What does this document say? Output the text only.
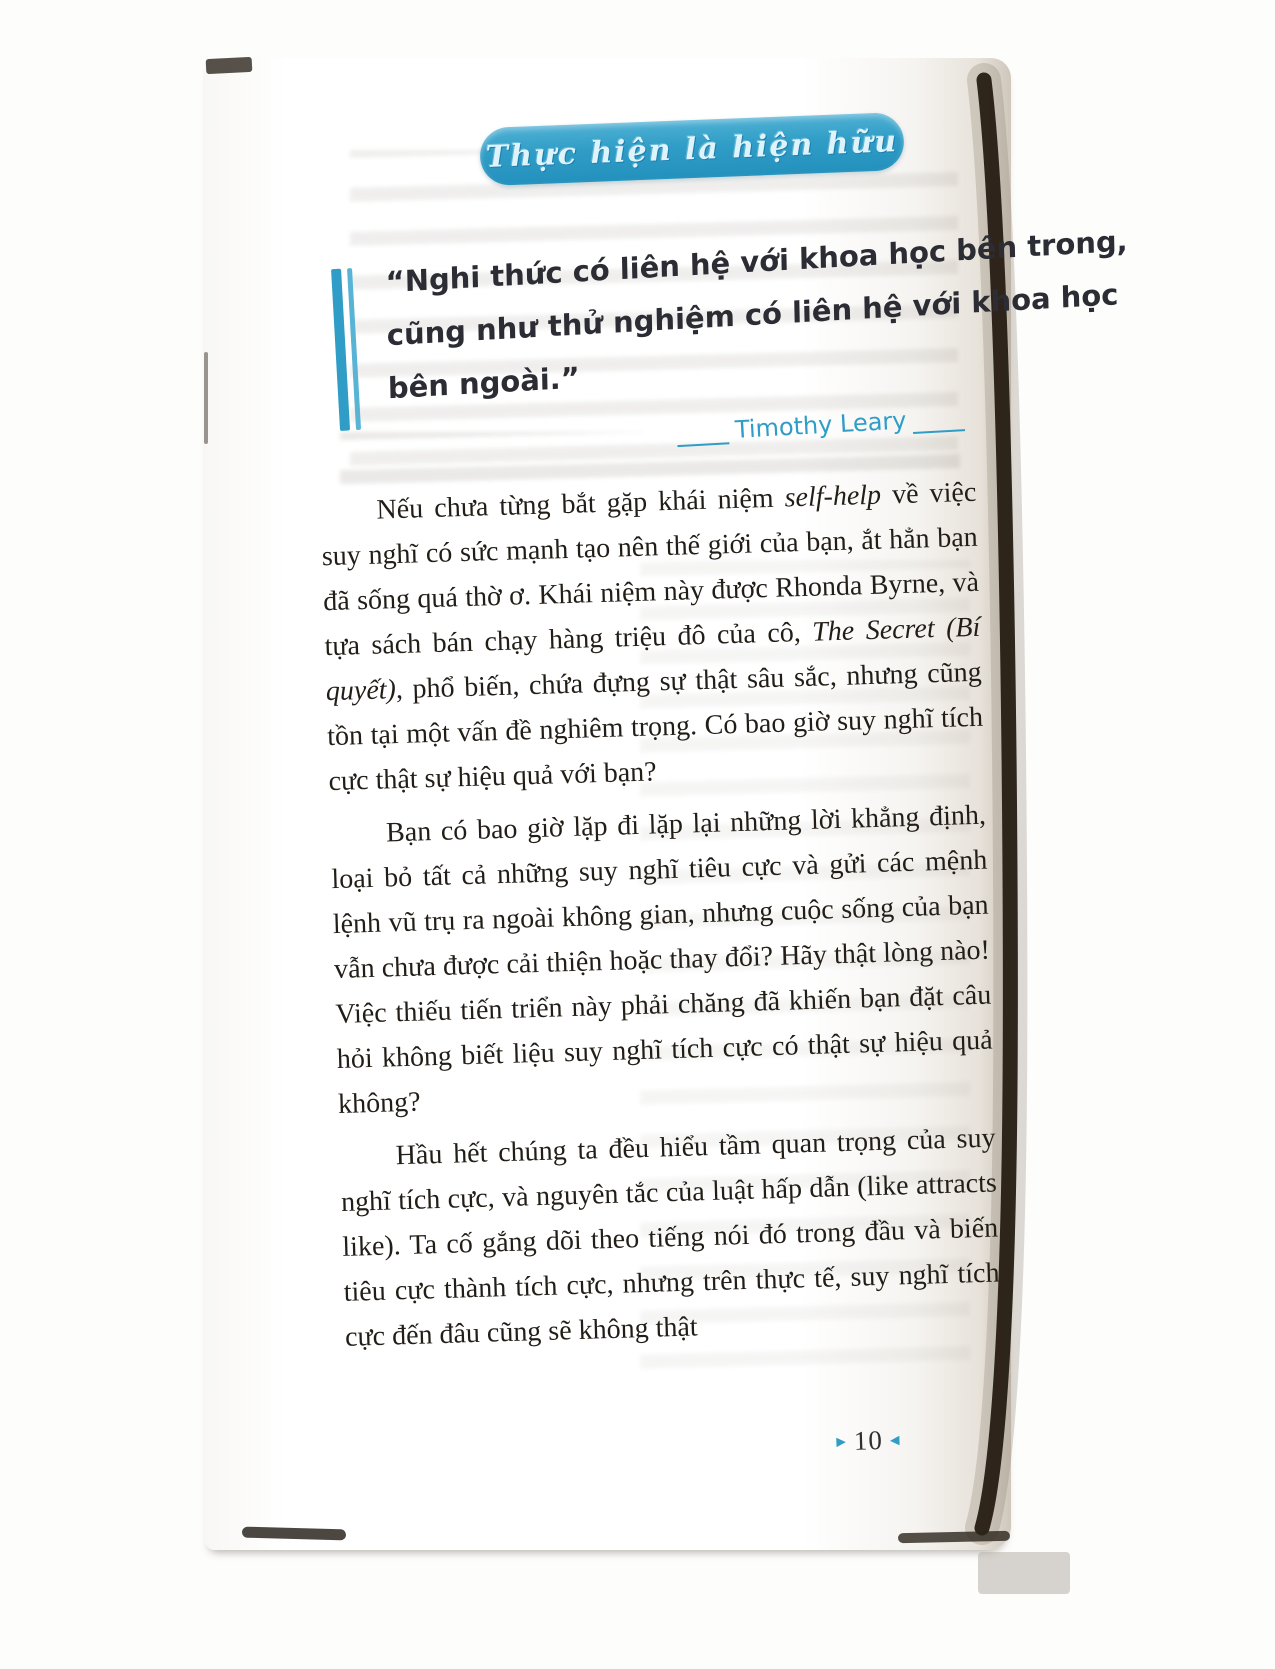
Thực hiện là hiện hữu
“Nghi thức có liên hệ với khoa học bên trong,
cũng như thử nghiệm có liên hệ với khoa học
bên ngoài.”
Timothy Leary

Nếu chưa từng bắt gặp khái niệm self-help về việc suy nghĩ có sức mạnh tạo nên thế giới của bạn, ắt hẳn bạn đã sống quá thờ ơ. Khái niệm này được Rhonda Byrne, và tựa sách bán chạy hàng triệu đô của cô, The Secret (Bí quyết), phổ biến, chứa đựng sự thật sâu sắc, nhưng cũng tồn tại một vấn đề nghiêm trọng. Có bao giờ suy nghĩ tích cực thật sự hiệu quả với bạn?

Bạn có bao giờ lặp đi lặp lại những lời khẳng định, loại bỏ tất cả những suy nghĩ tiêu cực và gửi các mệnh lệnh vũ trụ ra ngoài không gian, nhưng cuộc sống của bạn vẫn chưa được cải thiện hoặc thay đổi? Hãy thật lòng nào! Việc thiếu tiến triển này phải chăng đã khiến bạn đặt câu hỏi không biết liệu suy nghĩ tích cực có thật sự hiệu quả không?

Hầu hết chúng ta đều hiểu tầm quan trọng của suy nghĩ tích cực, và nguyên tắc của luật hấp dẫn (like attracts like). Ta cố gắng dõi theo tiếng nói đó trong đầu và biến tiêu cực thành tích cực, nhưng trên thực tế, suy nghĩ tích cực đến đâu cũng sẽ không thật

▸ 10 ◂
